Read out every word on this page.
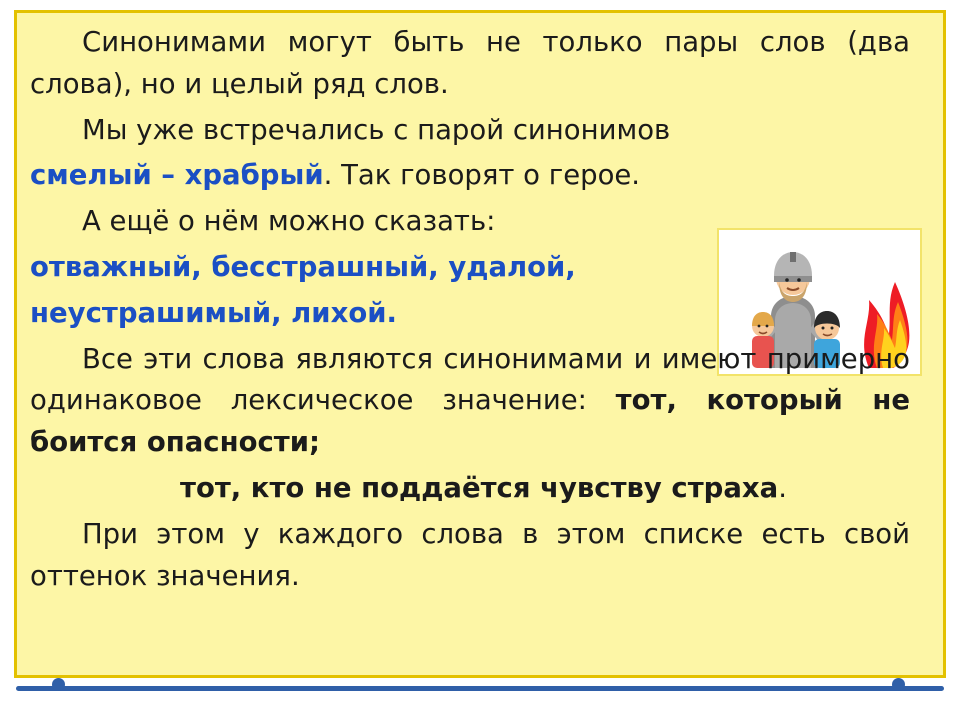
Синонимами могут быть не только пары слов (два слова), но и целый ряд слов.

Мы уже встречались с парой синонимов

смелый – храбрый. Так говорят о герое.

А ещё о нём можно сказать:

отважный, бесстрашный, удалой,

неустрашимый, лихой.

Все эти слова являются синонимами и имеют примерно одинаковое лексическое значение: тот, который не боится опасности;

тот, кто не поддаётся чувству страха.

При этом у каждого слова в этом списке есть свой оттенок значения.
